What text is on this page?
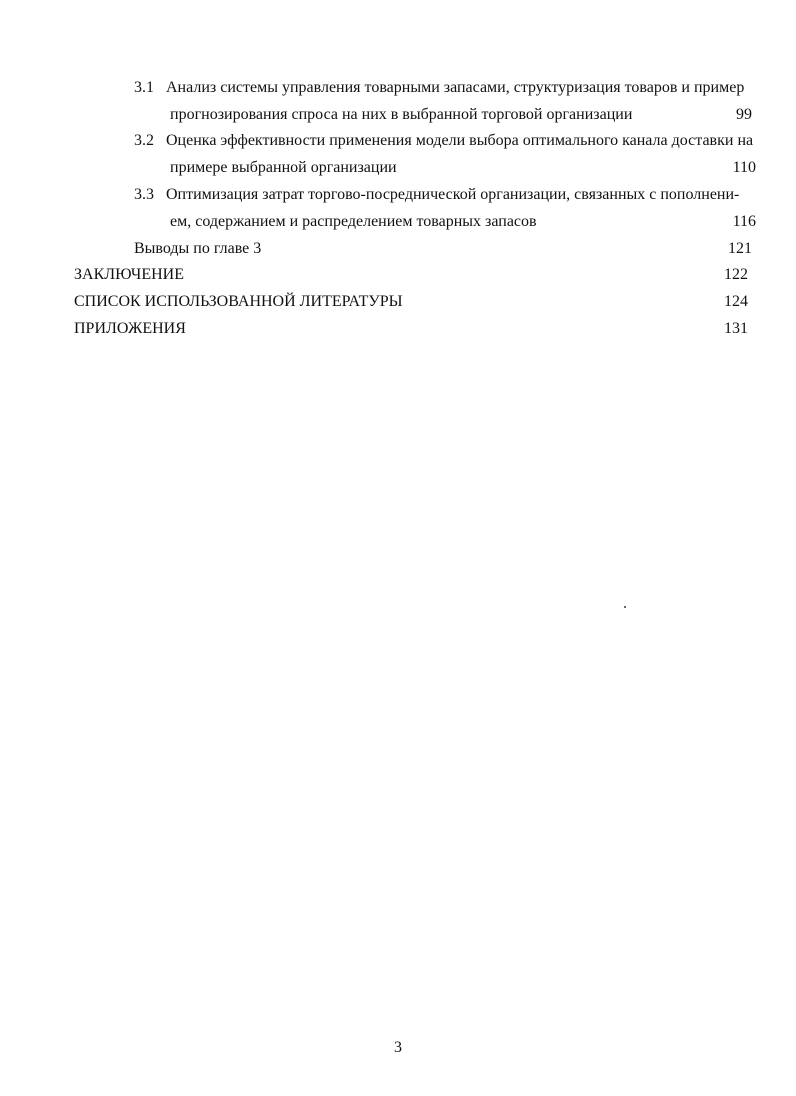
3.1 Анализ системы управления товарными запасами, структуризация товаров и пример
прогнозирования спроса на них в выбранной торговой организации	99
3.2 Оценка эффективности применения модели выбора оптимального канала доставки на
примере выбранной организации	110
3.3 Оптимизация затрат торгово-посреднической организации, связанных с пополнени-
ем, содержанием и распределением товарных запасов	116
Выводы по главе 3	121
ЗАКЛЮЧЕНИЕ	122
СПИСОК ИСПОЛЬЗОВАННОЙ ЛИТЕРАТУРЫ	124
ПРИЛОЖЕНИЯ	131
3
